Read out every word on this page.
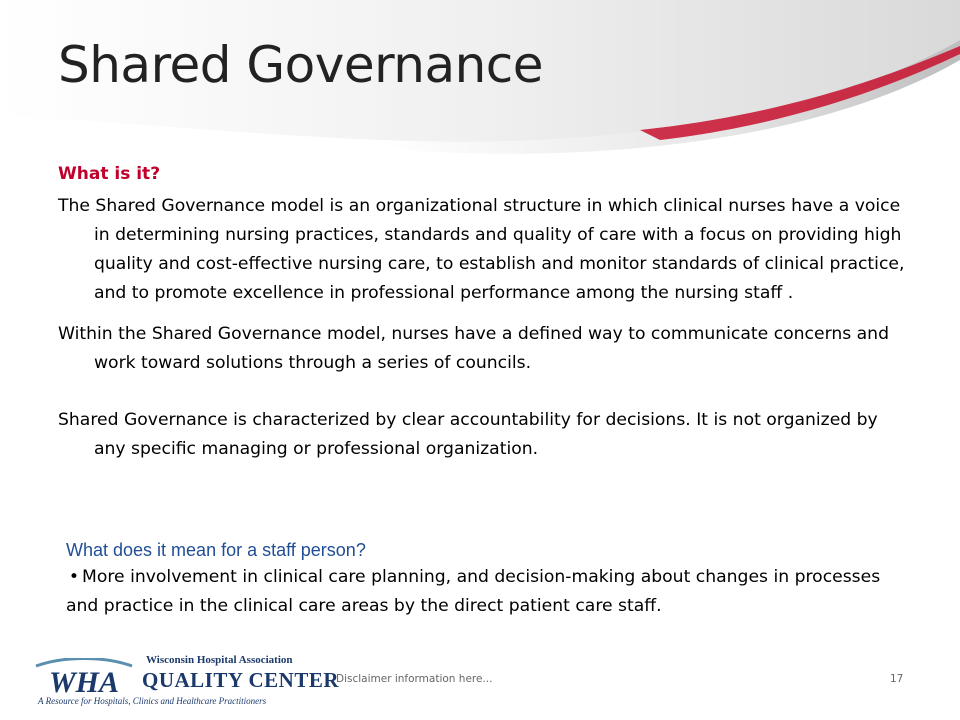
Shared Governance

What is it?

The Shared Governance model is an organizational structure in which clinical nurses have a voice in determining nursing practices, standards and quality of care with a focus on providing high quality and cost-effective nursing care, to establish and monitor standards of clinical practice, and to promote excellence in professional performance among the nursing staff .

Within the Shared Governance model, nurses have a defined way to communicate concerns and work toward solutions through a series of councils.

Shared Governance is characterized by clear accountability for decisions. It is not organized by any specific managing or professional organization.

What does it mean for a staff person?

• More involvement in clinical care planning, and decision-making about changes in processes and practice in the clinical care areas by the direct patient care staff.

WHA
Wisconsin Hospital Association
QUALITY CENTER
A Resource for Hospitals, Clinics and Healthcare Practitioners
Disclaimer information here...	17
